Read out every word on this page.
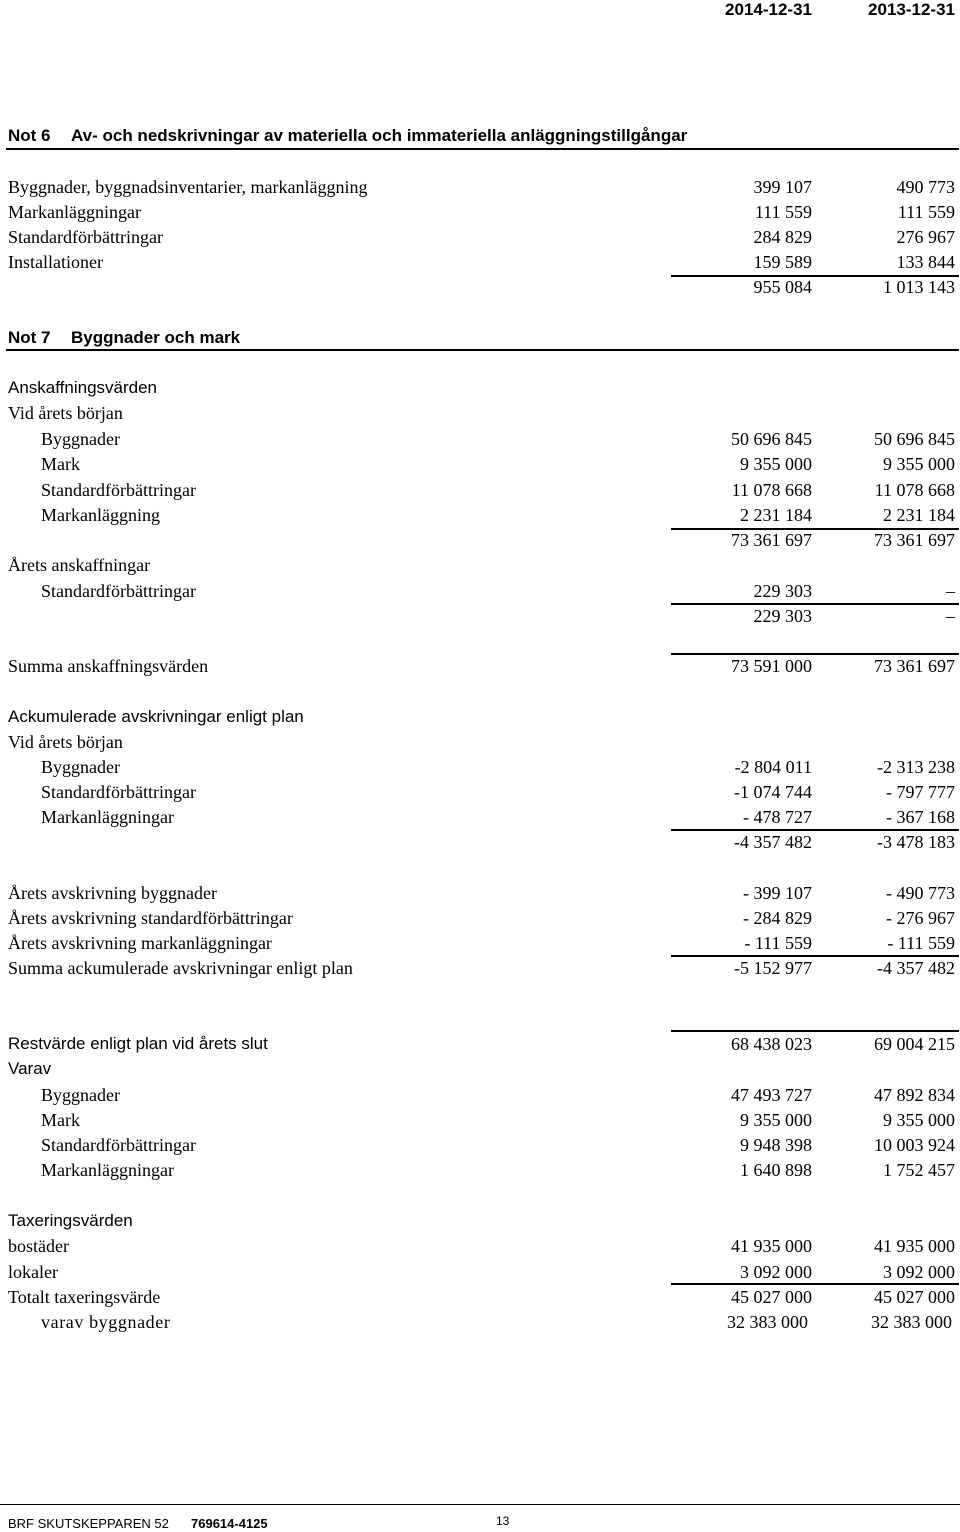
2014-12-31	2013-12-31
Not 6 Av- och nedskrivningar av materiella och immateriella anläggningstillgångar
Byggnader, byggnadsinventarier, markanläggning	399 107	490 773
Markanläggningar	111 559	111 559
Standardförbättringar	284 829	276 967
Installationer	159 589	133 844
955 084	1 013 143
Not 7 Byggnader och mark
Anskaffningsvärden
Vid årets början
Byggnader	50 696 845	50 696 845
Mark	9 355 000	9 355 000
Standardförbättringar	11 078 668	11 078 668
Markanläggning	2 231 184	2 231 184
73 361 697	73 361 697
Årets anskaffningar
Standardförbättringar	229 303	–
229 303	–
Summa anskaffningsvärden	73 591 000	73 361 697
Ackumulerade avskrivningar enligt plan
Vid årets början
Byggnader	-2 804 011	-2 313 238
Standardförbättringar	-1 074 744	- 797 777
Markanläggningar	- 478 727	- 367 168
-4 357 482	-3 478 183
Årets avskrivning byggnader	- 399 107	- 490 773
Årets avskrivning standardförbättringar	- 284 829	- 276 967
Årets avskrivning markanläggningar	- 111 559	- 111 559
Summa ackumulerade avskrivningar enligt plan	-5 152 977	-4 357 482
Restvärde enligt plan vid årets slut	68 438 023	69 004 215
Varav
Byggnader	47 493 727	47 892 834
Mark	9 355 000	9 355 000
Standardförbättringar	9 948 398	10 003 924
Markanläggningar	1 640 898	1 752 457
Taxeringsvärden
bostäder	41 935 000	41 935 000
lokaler	3 092 000	3 092 000
Totalt taxeringsvärde	45 027 000	45 027 000
varav byggnader	32 383 000	32 383 000
BRF SKUTSKEPPAREN 52 769614-4125	13
